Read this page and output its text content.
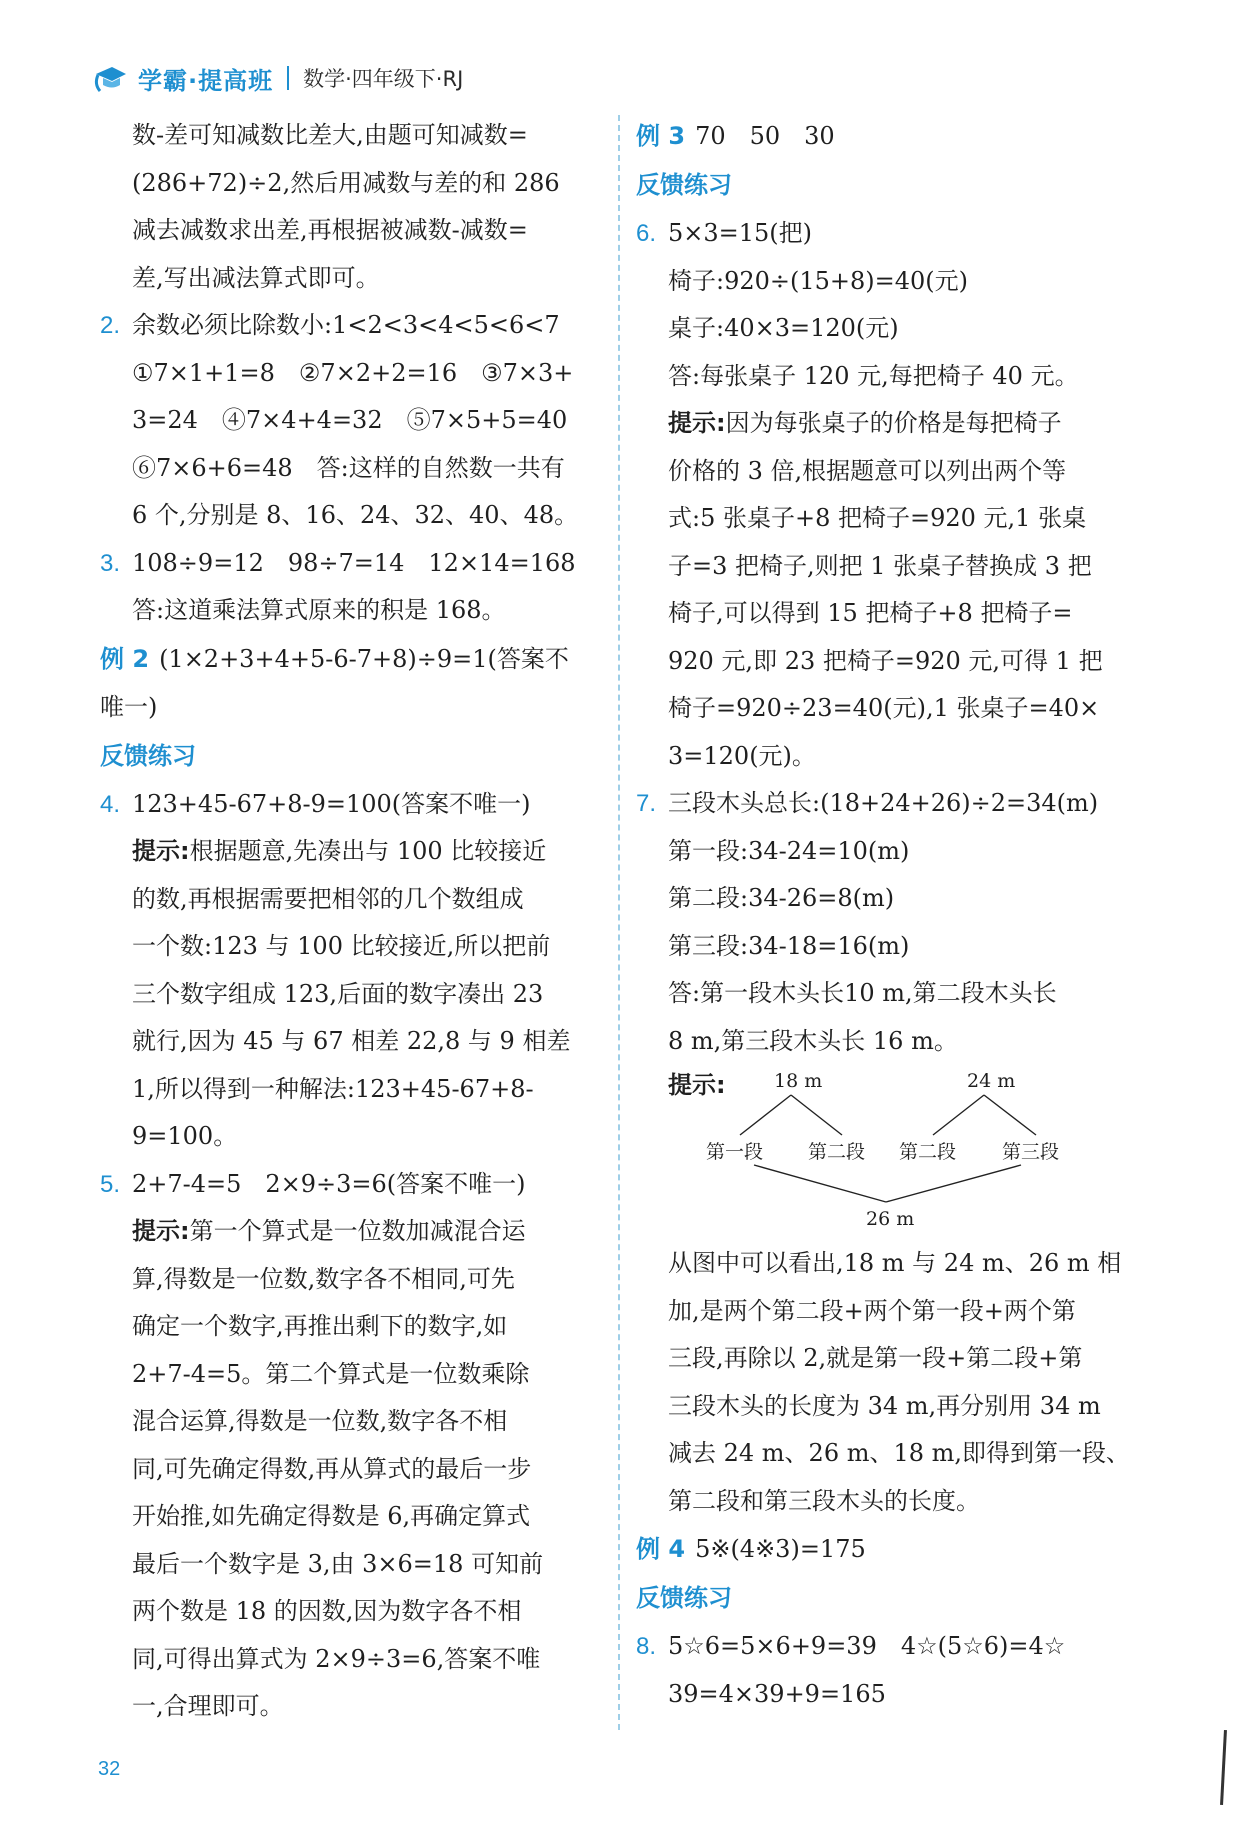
学霸·提高班 数学·四年级下·RJ
数-差可知减数比差大,由题可知减数=
(286+72)÷2,然后用减数与差的和 286
减去减数求出差,再根据被减数-减数=
差,写出减法算式即可。
2. 余数必须比除数小:1<2<3<4<5<6<7
①7×1+1=8　②7×2+2=16　③7×3+
3=24　④7×4+4=32　⑤7×5+5=40
⑥7×6+6=48　答:这样的自然数一共有
6 个,分别是 8、16、24、32、40、48。
3. 108÷9=12　98÷7=14　12×14=168
答:这道乘法算式原来的积是 168。
例 2 (1×2+3+4+5-6-7+8)÷9=1(答案不
唯一)
反馈练习
4. 123+45-67+8-9=100(答案不唯一)
提示:根据题意,先凑出与 100 比较接近
的数,再根据需要把相邻的几个数组成
一个数:123 与 100 比较接近,所以把前
三个数字组成 123,后面的数字凑出 23
就行,因为 45 与 67 相差 22,8 与 9 相差
1,所以得到一种解法:123+45-67+8-
9=100。
5. 2+7-4=5　2×9÷3=6(答案不唯一)
提示:第一个算式是一位数加减混合运
算,得数是一位数,数字各不相同,可先
确定一个数字,再推出剩下的数字,如
2+7-4=5。第二个算式是一位数乘除
混合运算,得数是一位数,数字各不相
同,可先确定得数,再从算式的最后一步
开始推,如先确定得数是 6,再确定算式
最后一个数字是 3,由 3×6=18 可知前
两个数是 18 的因数,因为数字各不相
同,可得出算式为 2×9÷3=6,答案不唯
一,合理即可。
例 3 70　50　30
反馈练习
6. 5×3=15(把)
椅子:920÷(15+8)=40(元)
桌子:40×3=120(元)
答:每张桌子 120 元,每把椅子 40 元。
提示:因为每张桌子的价格是每把椅子
价格的 3 倍,根据题意可以列出两个等
式:5 张桌子+8 把椅子=920 元,1 张桌
子=3 把椅子,则把 1 张桌子替换成 3 把
椅子,可以得到 15 把椅子+8 把椅子=
920 元,即 23 把椅子=920 元,可得 1 把
椅子=920÷23=40(元),1 张桌子=40×
3=120(元)。
7. 三段木头总长:(18+24+26)÷2=34(m)
第一段:34-24=10(m)
第二段:34-26=8(m)
第三段:34-18=16(m)
答:第一段木头长10 m,第二段木头长
8 m,第三段木头长 16 m。
提示:	18 m	24 m
第一段 第二段 第二段 第三段
26 m
从图中可以看出,18 m 与 24 m、26 m 相
加,是两个第二段+两个第一段+两个第
三段,再除以 2,就是第一段+第二段+第
三段木头的长度为 34 m,再分别用 34 m
减去 24 m、26 m、18 m,即得到第一段、
第二段和第三段木头的长度。
例 4 5※(4※3)=175
反馈练习
8. 5☆6=5×6+9=39　4☆(5☆6)=4☆
39=4×39+9=165
32
